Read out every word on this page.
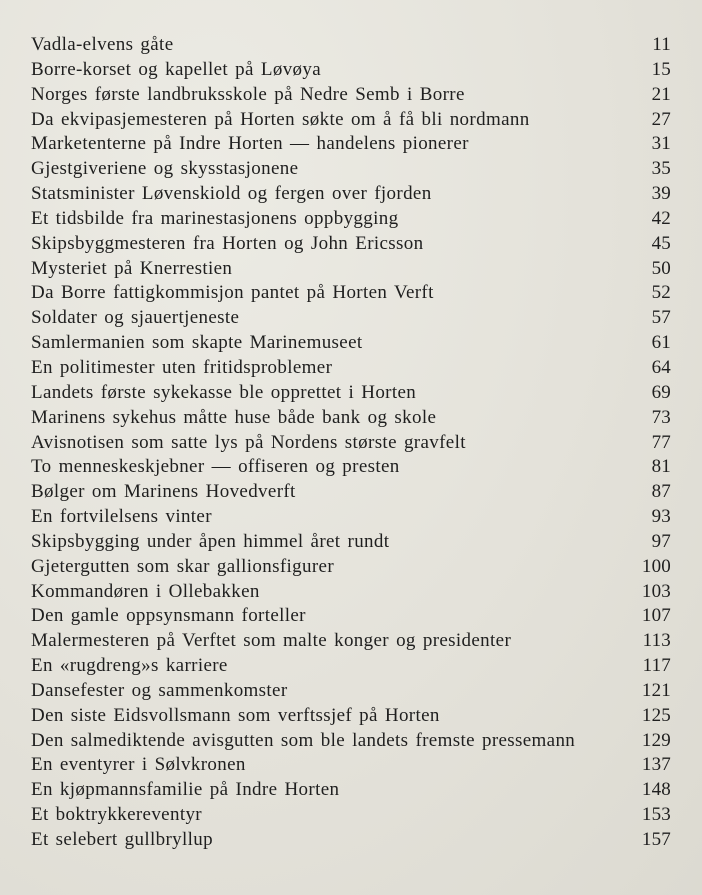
Vadla-elvens gåte	11
Borre-korset og kapellet på Løvøya	15
Norges første landbruksskole på Nedre Semb i Borre	21
Da ekvipasjemesteren på Horten søkte om å få bli nordmann	27
Marketenterne på Indre Horten — handelens pionerer	31
Gjestgiveriene og skysstasjonene	35
Statsminister Løvenskiold og fergen over fjorden	39
Et tidsbilde fra marinestasjonens oppbygging	42
Skipsbyggmesteren fra Horten og John Ericsson	45
Mysteriet på Knerrestien	50
Da Borre fattigkommisjon pantet på Horten Verft	52
Soldater og sjauertjeneste	57
Samlermanien som skapte Marinemuseet	61
En politimester uten fritidsproblemer	64
Landets første sykekasse ble opprettet i Horten	69
Marinens sykehus måtte huse både bank og skole	73
Avisnotisen som satte lys på Nordens største gravfelt	77
To menneskeskjebner — offiseren og presten	81
Bølger om Marinens Hovedverft	87
En fortvilelsens vinter	93
Skipsbygging under åpen himmel året rundt	97
Gjetergutten som skar gallionsfigurer	100
Kommandøren i Ollebakken	103
Den gamle oppsynsmann forteller	107
Malermesteren på Verftet som malte konger og presidenter	113
En «rugdreng»s karriere	117
Dansefester og sammenkomster	121
Den siste Eidsvollsmann som verftssjef på Horten	125
Den salmediktende avisgutten som ble landets fremste pressemann	129
En eventyrer i Sølvkronen	137
En kjøpmannsfamilie på Indre Horten	148
Et boktrykkereventyr	153
Et selebert gullbryllup	157
